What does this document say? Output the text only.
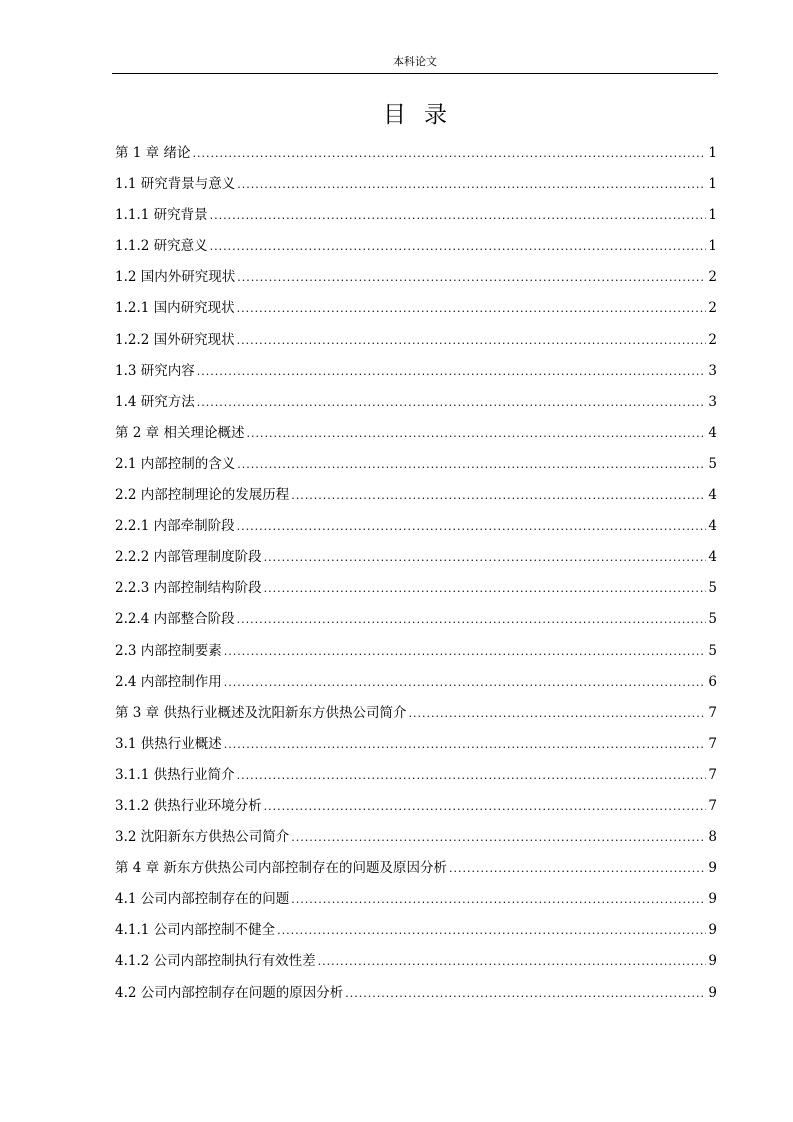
本科论文
目录
第 1 章 绪论 .....	1
1.1 研究背景与意义 .....	1
1.1.1 研究背景 .....	1
1.1.2 研究意义 .....	1
1.2 国内外研究现状 .....	2
1.2.1 国内研究现状 .....	2
1.2.2 国外研究现状 .....	2
1.3 研究内容 .....	3
1.4 研究方法 .....	3
第 2 章 相关理论概述 .....	4
2.1 内部控制的含义 .....	5
2.2 内部控制理论的发展历程 .....	4
2.2.1 内部牵制阶段 .....	4
2.2.2 内部管理制度阶段 .....	4
2.2.3 内部控制结构阶段 .....	5
2.2.4 内部整合阶段 .....	5
2.3 内部控制要素 .....	5
2.4 内部控制作用 .....	6
第 3 章 供热行业概述及沈阳新东方供热公司简介 .....	7
3.1 供热行业概述 .....	7
3.1.1 供热行业简介 .....	7
3.1.2 供热行业环境分析 .....	7
3.2 沈阳新东方供热公司简介 .....	8
第 4 章 新东方供热公司内部控制存在的问题及原因分析 .....	9
4.1 公司内部控制存在的问题 .....	9
4.1.1 公司内部控制不健全 .....	9
4.1.2 公司内部控制执行有效性差 .....	9
4.2 公司内部控制存在问题的原因分析 .....	9
